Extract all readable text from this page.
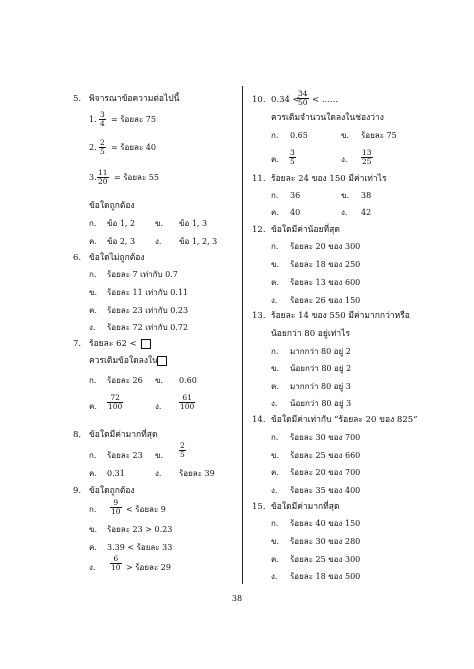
5. พิจารณาข้อความต่อไปนี้
1. $\frac{3}{4}$ = ร้อยละ 75
2. $\frac{2}{5}$ = ร้อยละ 40
3. $\frac{11}{20}$ = ร้อยละ 55
ข้อใดถูกต้อง
ก. ข้อ 1, 2 ข. ข้อ 1, 3
ค. ข้อ 2, 3 ง. ข้อ 1, 2, 3
6. ข้อใดไม่ถูกต้อง
ก. ร้อยละ 7 เท่ากับ 0.7
ข. ร้อยละ 11 เท่ากับ 0.11
ค. ร้อยละ 23 เท่ากับ 0.23
ง. ร้อยละ 72 เท่ากับ 0.72
7. ร้อยละ 62 <
ควรเติมข้อใดลงใน
ก. ร้อยละ 26 ข. 0.60
ค. $\frac{72}{100}$	ง. $\frac{61}{100}$
8. ข้อใดมีค่ามากที่สุด
ก. ร้อยละ 23 ข. $\frac{2}{5}$
ค. 0.31	ง. ร้อยละ 39
9. ข้อใดถูกต้อง
ก. $\frac{9}{10}$ < ร้อยละ 9
ข. ร้อยละ 23 > 0.23
ค. 3.39 < ร้อยละ 33
ง. $\frac{6}{10}$ > ร้อยละ 29
10. 0.34 <
$\frac{34}{50}$ < ......
ควรเติมจำนวนใดลงในช่องว่าง
ก. 0.65	ข. ร้อยละ 75
ค. $\frac{3}{5}$	ง. $\frac{13}{25}$
11. ร้อยละ 24 ของ 150 มีค่าเท่าไร
ก. 36	ข. 38
ค. 40	ง. 42
12. ข้อใดมีค่าน้อยที่สุด
ก. ร้อยละ 20 ของ 300
ข. ร้อยละ 18 ของ 250
ค. ร้อยละ 13 ของ 600
ง. ร้อยละ 26 ของ 150
13. ร้อยละ 14 ของ 550 มีค่ามากกว่าหรือ
น้อยกว่า 80 อยู่เท่าไร
ก. มากกว่า 80 อยู่ 2
ข. น้อยกว่า 80 อยู่ 2
ค. มากกว่า 80 อยู่ 3
ง. น้อยกว่า 80 อยู่ 3
14. ข้อใดมีค่าเท่ากับ “ร้อยละ 20 ของ 825”
ก. ร้อยละ 30 ของ 700
ข. ร้อยละ 25 ของ 660
ค. ร้อยละ 20 ของ 700
ง. ร้อยละ 35 ของ 400
15. ข้อใดมีค่ามากที่สุด
ก. ร้อยละ 40 ของ 150
ข. ร้อยละ 30 ของ 280
ค. ร้อยละ 25 ของ 300
ง. ร้อยละ 18 ของ 500
38
